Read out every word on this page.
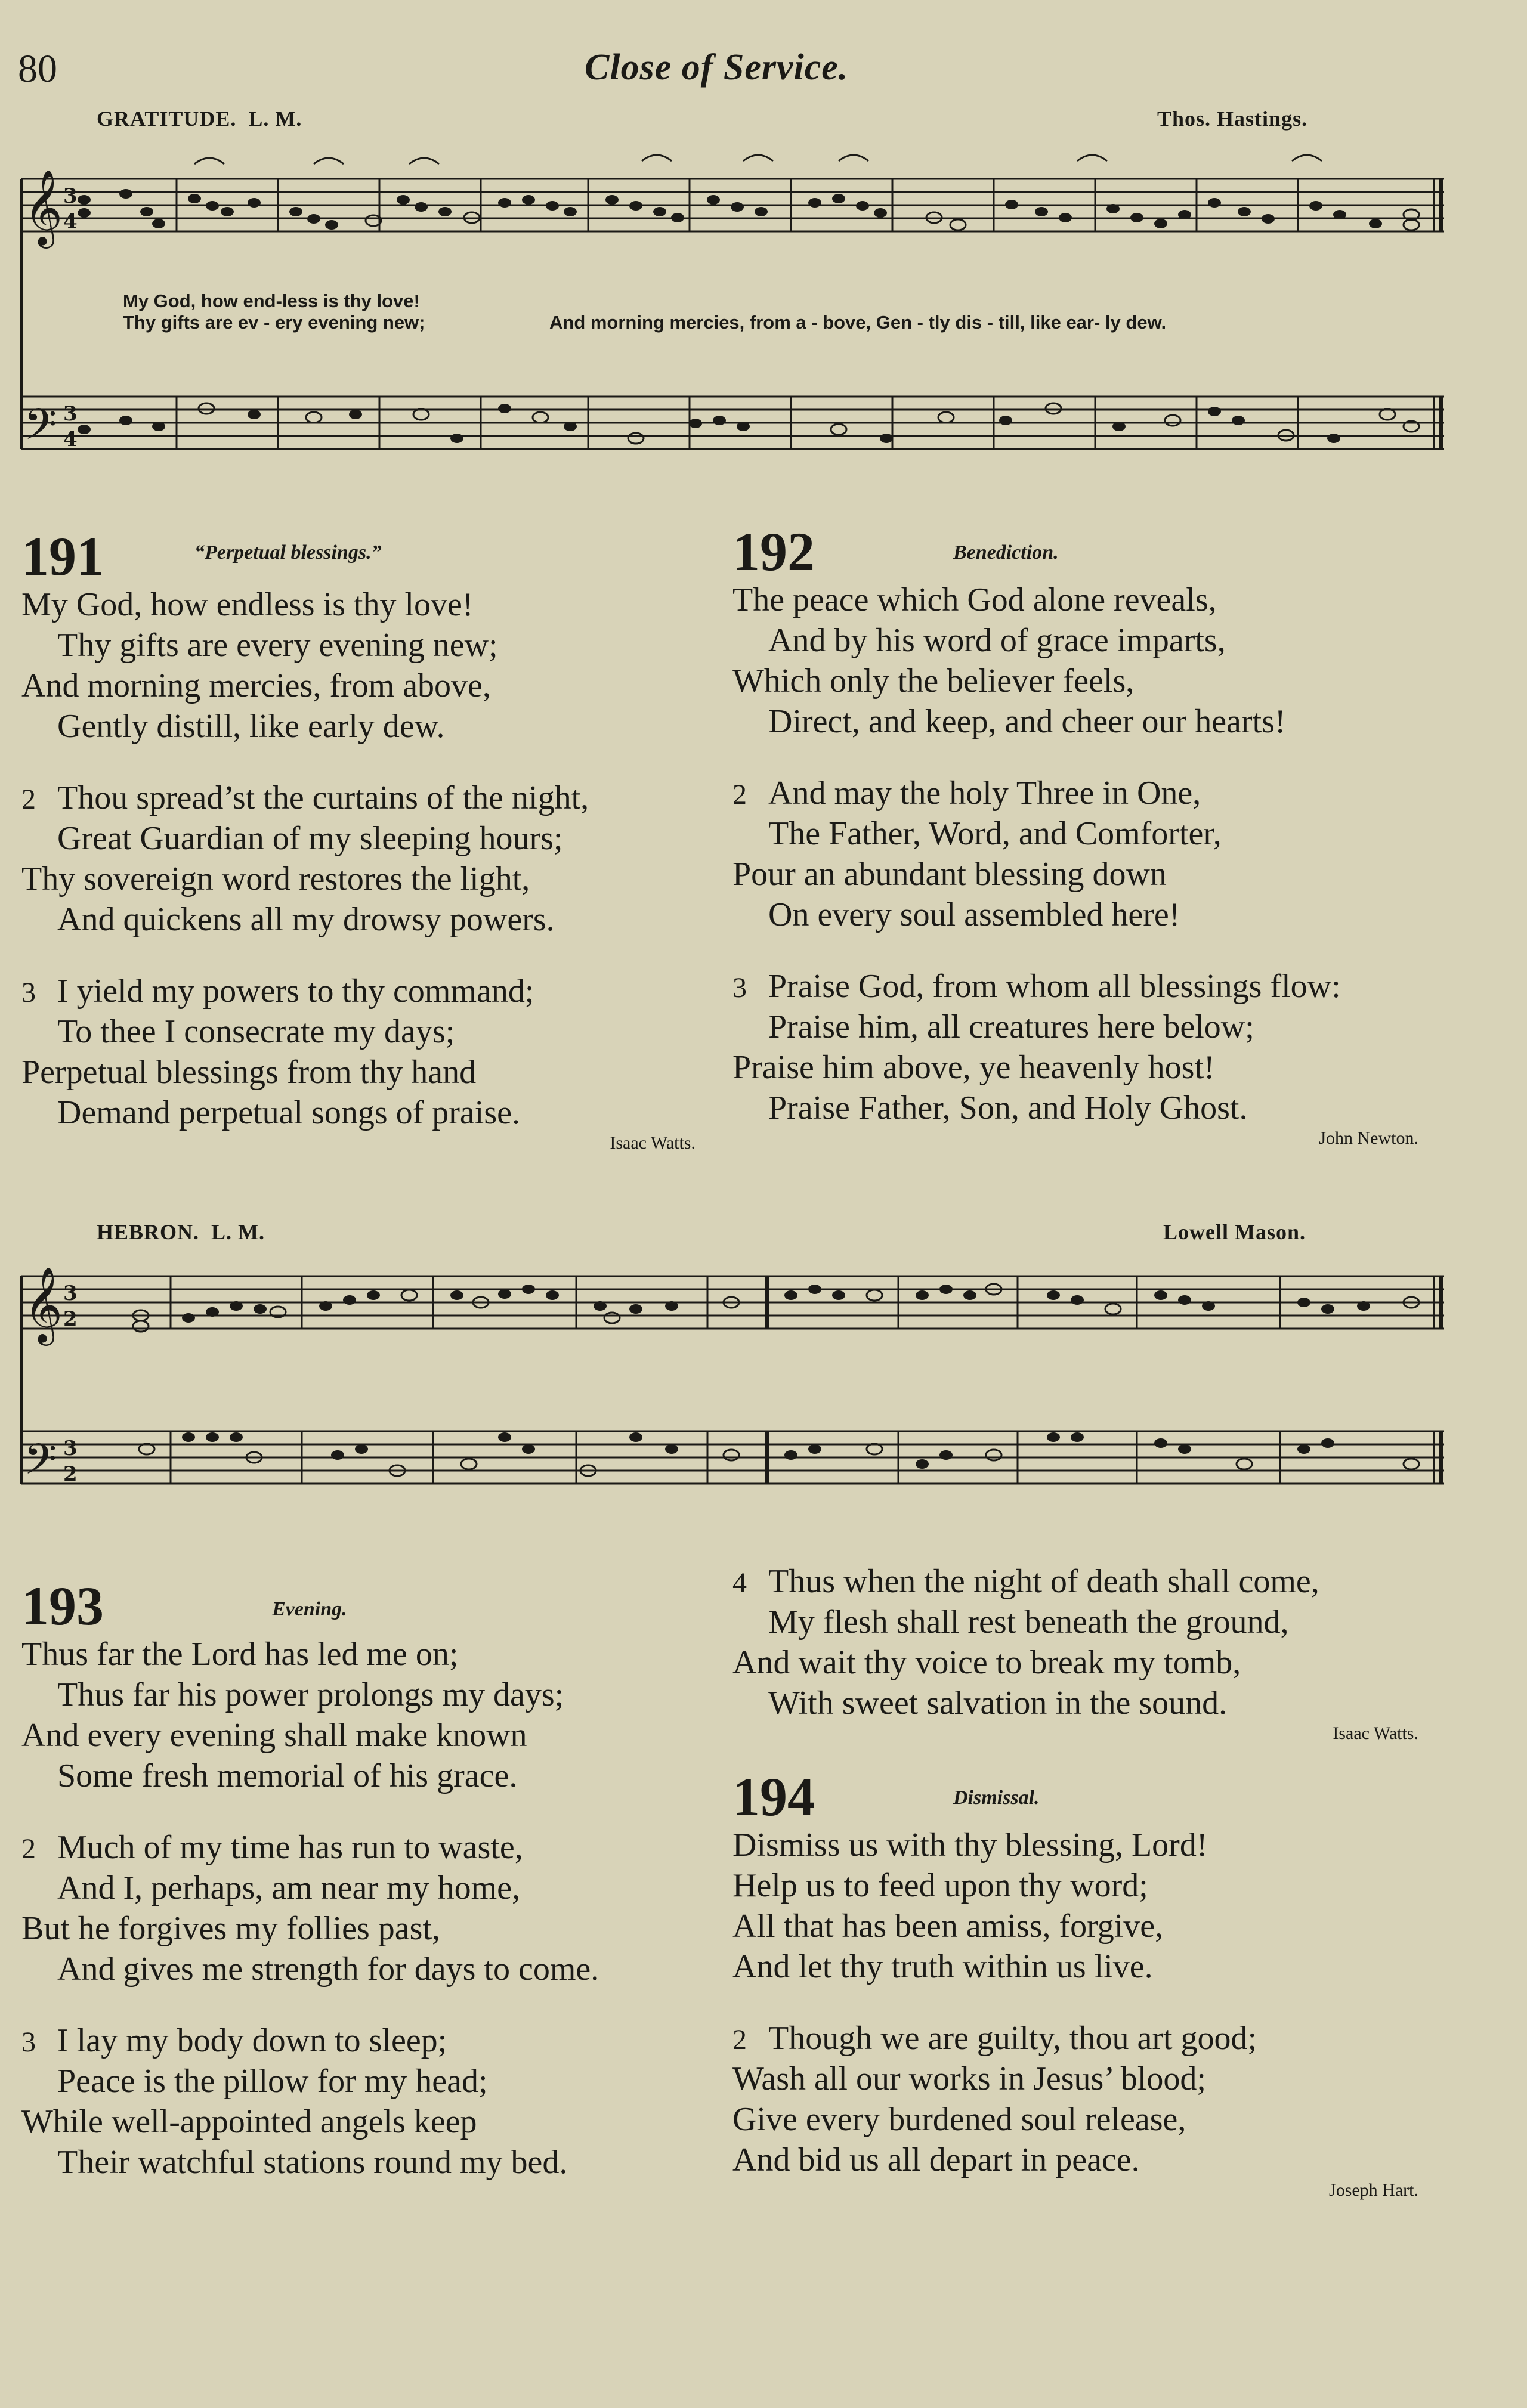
80	Close of Service.
GRATITUDE. L. M.	Thos. Hastings.
𝄞
𝄢
3
4
3
4
My God, how end-less is thy love!
Thy gifts are ev - ery evening new;	And morning mercies, from a - bove, Gen - tly dis - till, like ear- ly dew.
191	“Perpetual blessings.”
My God, how endless is thy love!
Thy gifts are every evening new;
And morning mercies, from above,
Gently distill, like early dew.
2 Thou spread’st the curtains of the night,
Great Guardian of my sleeping hours;
Thy sovereign word restores the light,
And quickens all my drowsy powers.
3 I yield my powers to thy command;
To thee I consecrate my days;
Perpetual blessings from thy hand
Demand perpetual songs of praise.
Isaac Watts.
192	Benediction.
The peace which God alone reveals,
And by his word of grace imparts,
Which only the believer feels,
Direct, and keep, and cheer our hearts!
2 And may the holy Three in One,
The Father, Word, and Comforter,
Pour an abundant blessing down
On every soul assembled here!
3 Praise God, from whom all blessings flow:
Praise him, all creatures here below;
Praise him above, ye heavenly host!
Praise Father, Son, and Holy Ghost.
John Newton.
HEBRON. L. M.	Lowell Mason.
𝄞
𝄢
3
2
3
2
193	Evening.
Thus far the Lord has led me on;
Thus far his power prolongs my days;
And every evening shall make known
Some fresh memorial of his grace.
2 Much of my time has run to waste,
And I, perhaps, am near my home,
But he forgives my follies past,
And gives me strength for days to come.
3 I lay my body down to sleep;
Peace is the pillow for my head;
While well-appointed angels keep
Their watchful stations round my bed.
4 Thus when the night of death shall come,
My flesh shall rest beneath the ground,
And wait thy voice to break my tomb,
With sweet salvation in the sound.
Isaac Watts.
194	Dismissal.
Dismiss us with thy blessing, Lord!
Help us to feed upon thy word;
All that has been amiss, forgive,
And let thy truth within us live.
2 Though we are guilty, thou art good;
Wash all our works in Jesus’ blood;
Give every burdened soul release,
And bid us all depart in peace.
Joseph Hart.
